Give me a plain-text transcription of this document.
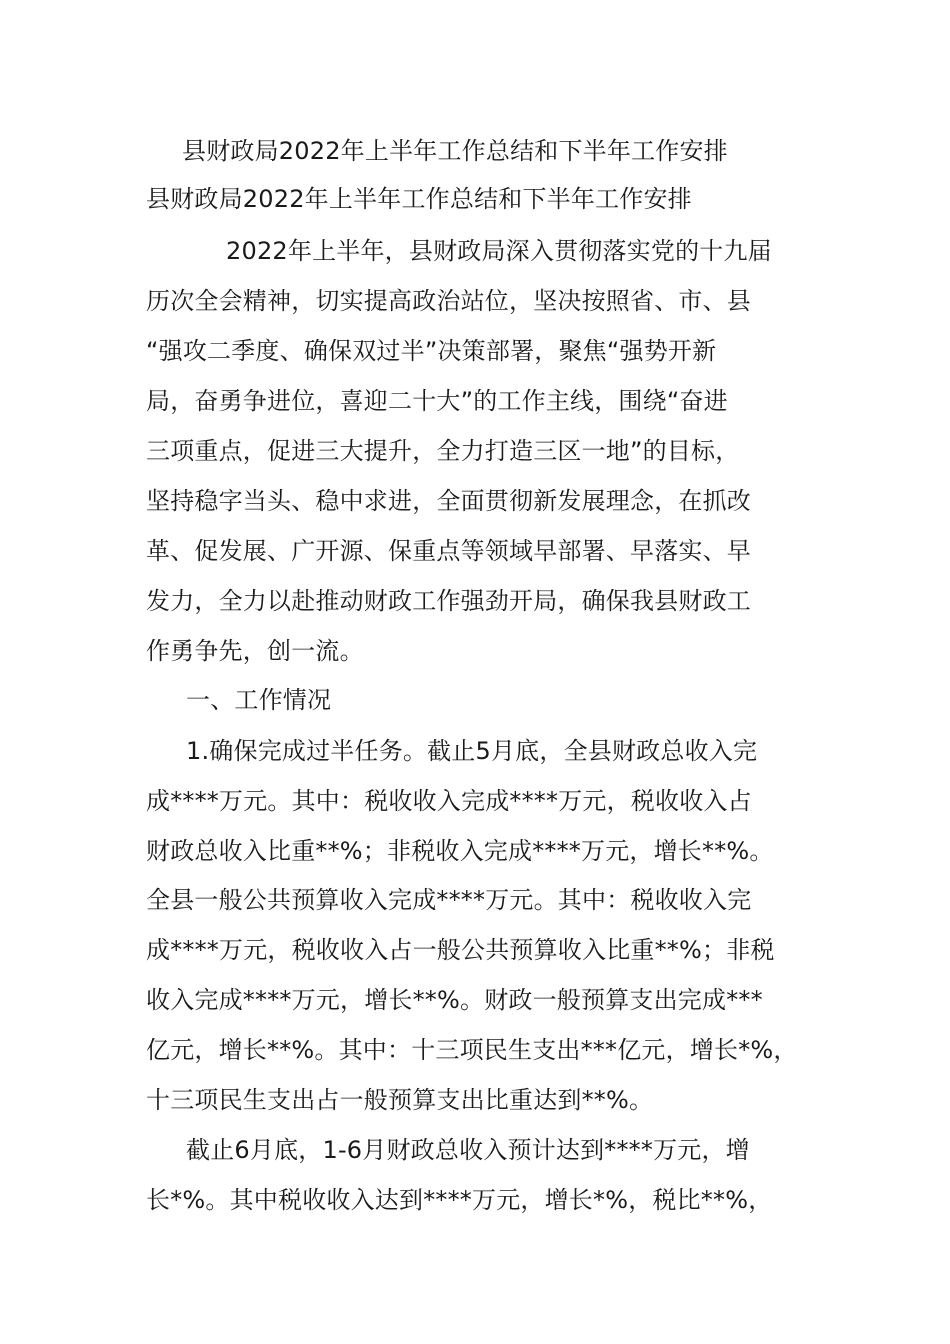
县财政局2022年上半年工作总结和下半年工作安排
县财政局2022年上半年工作总结和下半年工作安排
2022年上半年，县财政局深入贯彻落实党的十九届
历次全会精神，切实提高政治站位，坚决按照省、市、县
“强攻二季度、确保双过半”决策部署，聚焦“强势开新
局，奋勇争进位，喜迎二十大”的工作主线，围绕“奋进
三项重点，促进三大提升，全力打造三区一地”的目标，
坚持稳字当头、稳中求进，全面贯彻新发展理念，在抓改
革、促发展、广开源、保重点等领域早部署、早落实、早
发力，全力以赴推动财政工作强劲开局，确保我县财政工
作勇争先，创一流。
一、工作情况
1.确保完成过半任务。截止5月底，全县财政总收入完
成****万元。其中：税收收入完成****万元，税收收入占
财政总收入比重**%；非税收入完成****万元，增长**%。
全县一般公共预算收入完成****万元。其中：税收收入完
成****万元，税收收入占一般公共预算收入比重**%；非税
收入完成****万元，增长**%。财政一般预算支出完成***
亿元，增长**%。其中：十三项民生支出***亿元，增长*%，
十三项民生支出占一般预算支出比重达到**%。
截止6月底，1-6月财政总收入预计达到****万元，增
长*%。其中税收收入达到****万元，增长*%，税比**%，
